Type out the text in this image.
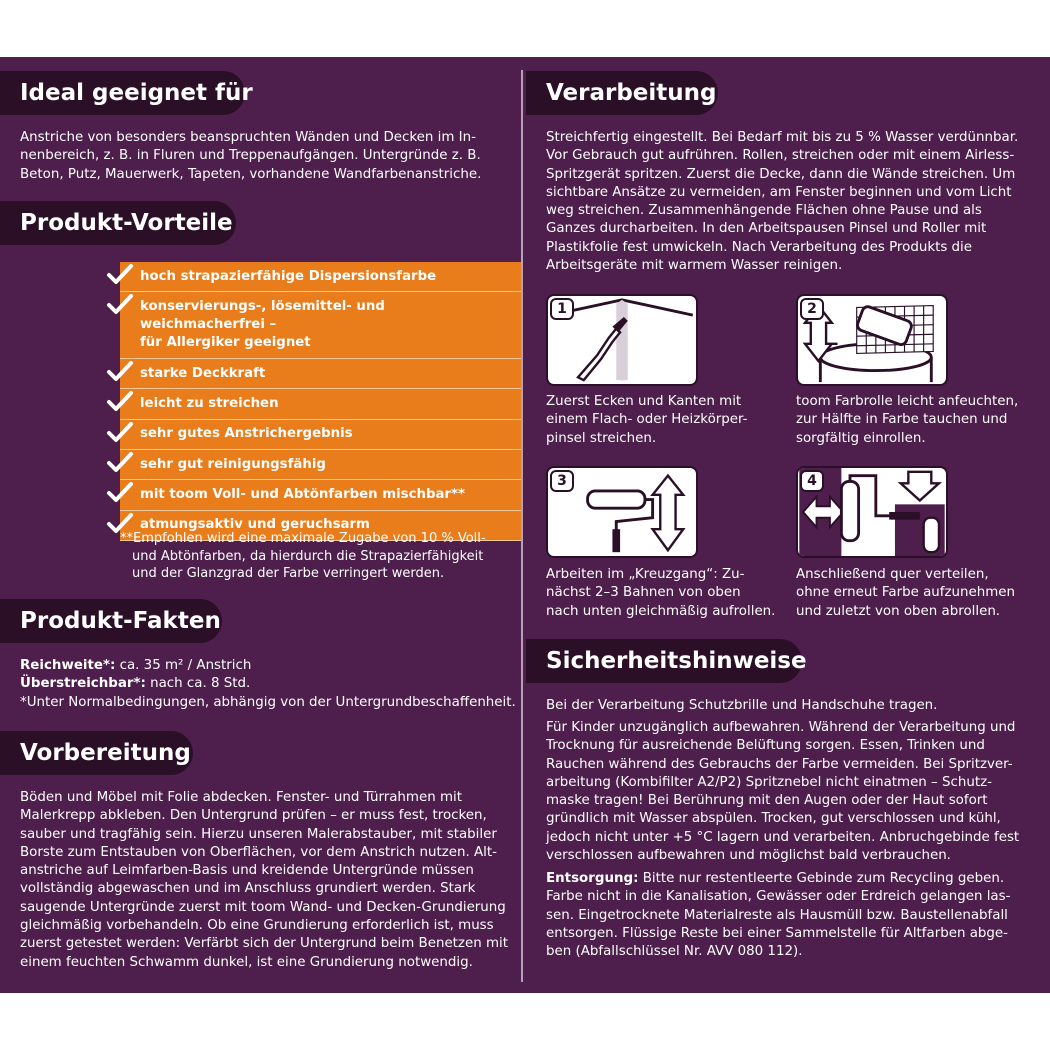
Ideal geeignet für
Anstriche von besonders beanspruchten Wänden und Decken im In-
nenbereich, z. B. in Fluren und Treppenaufgängen. Untergründe z. B.
Beton, Putz, Mauerwerk, Tapeten, vorhandene Wandfarbenanstriche.
Produkt-Vorteile
hoch strapazierfähige Dispersionsfarbe
konservierungs-, lösemittel- und weichmacherfrei –
für Allergiker geeignet
starke Deckkraft
leicht zu streichen
sehr gutes Anstrichergebnis
sehr gut reinigungsfähig
mit toom Voll- und Abtönfarben mischbar**
atmungsaktiv und geruchsarm
**Empfohlen wird eine maximale Zugabe von 10 % Voll-
und Abtönfarben, da hierdurch die Strapazierfähigkeit
und der Glanzgrad der Farbe verringert werden.
Produkt-Fakten
Reichweite*: ca. 35 m² / Anstrich
Überstreichbar*: nach ca. 8 Std.
*Unter Normalbedingungen, abhängig von der Untergrundbeschaffenheit.
Vorbereitung
Böden und Möbel mit Folie abdecken. Fenster- und Türrahmen mit
Malerkrepp abkleben. Den Untergrund prüfen – er muss fest, trocken,
sauber und tragfähig sein. Hierzu unseren Malerabstauber, mit stabiler
Borste zum Entstauben von Oberflächen, vor dem Anstrich nutzen. Alt-
anstriche auf Leimfarben-Basis und kreidende Untergründe müssen
vollständig abgewaschen und im Anschluss grundiert werden. Stark
saugende Untergründe zuerst mit toom Wand- und Decken-Grundierung
gleichmäßig vorbehandeln. Ob eine Grundierung erforderlich ist, muss
zuerst getestet werden: Verfärbt sich der Untergrund beim Benetzen mit
einem feuchten Schwamm dunkel, ist eine Grundierung notwendig.
Verarbeitung
Streichfertig eingestellt. Bei Bedarf mit bis zu 5 % Wasser verdünnbar.
Vor Gebrauch gut aufrühren. Rollen, streichen oder mit einem Airless-
Spritzgerät spritzen. Zuerst die Decke, dann die Wände streichen. Um
sichtbare Ansätze zu vermeiden, am Fenster beginnen und vom Licht
weg streichen. Zusammenhängende Flächen ohne Pause und als
Ganzes durcharbeiten. In den Arbeitspausen Pinsel und Roller mit
Plastikfolie fest umwickeln. Nach Verarbeitung des Produkts die
Arbeitsgeräte mit warmem Wasser reinigen.
1
Zuerst Ecken und Kanten mit
einem Flach- oder Heizkörper-
pinsel streichen.
2
toom Farbrolle leicht anfeuchten,
zur Hälfte in Farbe tauchen und
sorgfältig einrollen.
3
Arbeiten im „Kreuzgang“: Zu-
nächst 2–3 Bahnen von oben
nach unten gleichmäßig aufrollen.
4
Anschließend quer verteilen,
ohne erneut Farbe aufzunehmen
und zuletzt von oben abrollen.
Sicherheitshinweise
Bei der Verarbeitung Schutzbrille und Handschuhe tragen.
Für Kinder unzugänglich aufbewahren. Während der Verarbeitung und
Trocknung für ausreichende Belüftung sorgen. Essen, Trinken und
Rauchen während des Gebrauchs der Farbe vermeiden. Bei Spritzver-
arbeitung (Kombifilter A2/P2) Spritznebel nicht einatmen – Schutz-
maske tragen! Bei Berührung mit den Augen oder der Haut sofort
gründlich mit Wasser abspülen. Trocken, gut verschlossen und kühl,
jedoch nicht unter +5 °C lagern und verarbeiten. Anbruchgebinde fest
verschlossen aufbewahren und möglichst bald verbrauchen.
Entsorgung: Bitte nur restentleerte Gebinde zum Recycling geben.
Farbe nicht in die Kanalisation, Gewässer oder Erdreich gelangen las-
sen. Eingetrocknete Materialreste als Hausmüll bzw. Baustellenabfall
entsorgen. Flüssige Reste bei einer Sammelstelle für Altfarben abge-
ben (Abfallschlüssel Nr. AVV 080 112).
